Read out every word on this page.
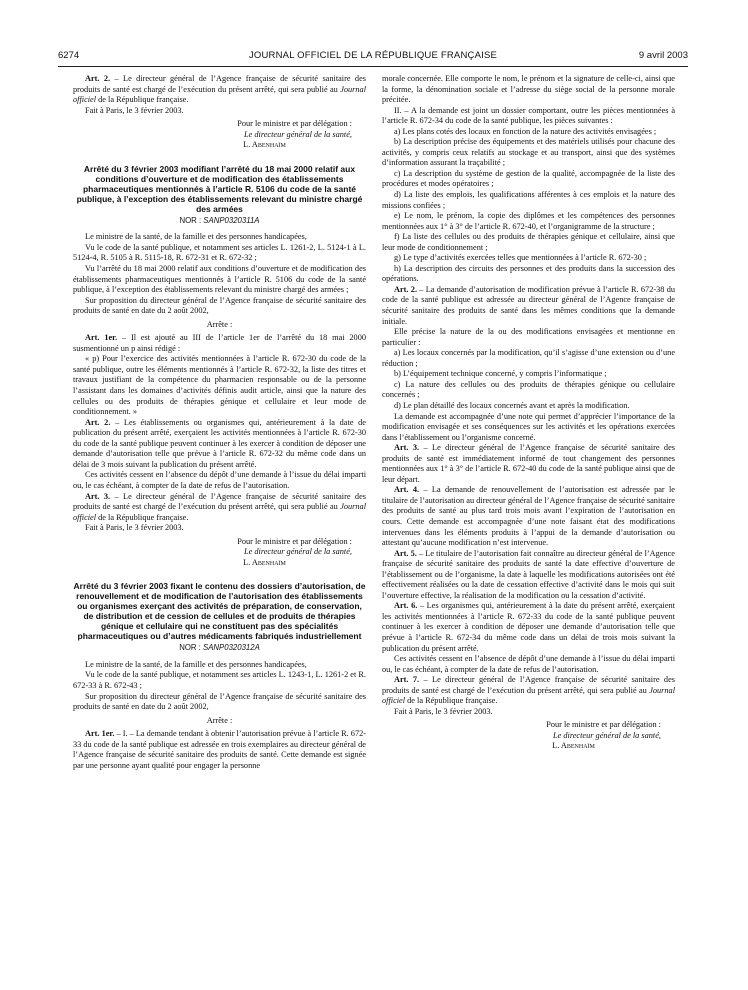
6274	JOURNAL OFFICIEL DE LA RÉPUBLIQUE FRANÇAISE	9 avril 2003

Art. 2. – Le directeur général de l’Agence française de sécurité sanitaire des produits de santé est chargé de l’exécution du présent arrêté, qui sera publié au Journal officiel de la République française.

Fait à Paris, le 3 février 2003.

Pour le ministre et par délégation :

Le directeur général de la santé,

L. Abenhaïm

Arrêté du 3 février 2003 modifiant l’arrêté du 18 mai 2000 relatif aux conditions d’ouverture et de modification des établissements pharmaceutiques mentionnés à l’article R. 5106 du code de la santé publique, à l’exception des établissements relevant du ministre chargé des armées

NOR : SANP0320311A

Le ministre de la santé, de la famille et des personnes handicapées,

Vu le code de la santé publique, et notamment ses articles L. 1261-2, L. 5124-1 à L. 5124-4, R. 5105 à R. 5115-18, R. 672-31 et R. 672-32 ;

Vu l’arrêté du 18 mai 2000 relatif aux conditions d’ouverture et de modification des établissements pharmaceutiques mentionnés à l’article R. 5106 du code de la santé publique, à l’exception des établissements relevant du ministre chargé des armées ;

Sur proposition du directeur général de l’Agence française de sécurité sanitaire des produits de santé en date du 2 août 2002,

Arrête :

Art. 1er. – Il est ajouté au III de l’article 1er de l’arrêté du 18 mai 2000 susmentionné un p ainsi rédigé :

« p) Pour l’exercice des activités mentionnées à l’article R. 672-30 du code de la santé publique, outre les éléments mentionnés à l’article R. 672-32, la liste des titres et travaux justifiant de la compétence du pharmacien responsable ou de la personne l’assistant dans les domaines d’activités définis audit article, ainsi que la nature des cellules ou des produits de thérapies génique et cellulaire et leur mode de conditionnement. »

Art. 2. – Les établissements ou organismes qui, antérieurement à la date de publication du présent arrêté, exerçaient les activités mentionnées à l’article R. 672-30 du code de la santé publique peuvent continuer à les exercer à condition de déposer une demande d’autorisation telle que prévue à l’article R. 672-32 du même code dans un délai de 3 mois suivant la publication du présent arrêté.

Ces activités cessent en l’absence du dépôt d’une demande à l’issue du délai imparti ou, le cas échéant, à compter de la date de refus de l’autorisation.

Art. 3. – Le directeur général de l’Agence française de sécurité sanitaire des produits de santé est chargé de l’exécution du présent arrêté, qui sera publié au Journal officiel de la République française.

Fait à Paris, le 3 février 2003.

Pour le ministre et par délégation :

Le directeur général de la santé,

L. Abenhaïm

Arrêté du 3 février 2003 fixant le contenu des dossiers d’autorisation, de renouvellement et de modification de l’autorisation des établissements ou organismes exerçant des activités de préparation, de conservation, de distribution et de cession de cellules et de produits de thérapies génique et cellulaire qui ne constituent pas des spécialités pharmaceutiques ou d’autres médicaments fabriqués industriellement

NOR : SANP0320312A

Le ministre de la santé, de la famille et des personnes handicapées,

Vu le code de la santé publique, et notamment ses articles L. 1243-1, L. 1261-2 et R. 672-33 à R. 672-43 ;

Sur proposition du directeur général de l’Agence française de sécurité sanitaire des produits de santé en date du 2 août 2002,

Arrête :

Art. 1er. – I. – La demande tendant à obtenir l’autorisation prévue à l’article R. 672-33 du code de la santé publique est adressée en trois exemplaires au directeur général de l’Agence française de sécurité sanitaire des produits de santé. Cette demande est signée par une personne ayant qualité pour engager la personne

morale concernée. Elle comporte le nom, le prénom et la signature de celle-ci, ainsi que la forme, la dénomination sociale et l’adresse du siège social de la personne morale précitée.

II. – A la demande est joint un dossier comportant, outre les pièces mentionnées à l’article R. 672-34 du code de la santé publique, les pièces suivantes :

a) Les plans cotés des locaux en fonction de la nature des activités envisagées ;

b) La description précise des équipements et des matériels utilisés pour chacune des activités, y compris ceux relatifs au stockage et au transport, ainsi que des systèmes d’information assurant la traçabilité ;

c) La description du système de gestion de la qualité, accompagnée de la liste des procédures et modes opératoires ;

d) La liste des emplois, les qualifications afférentes à ces emplois et la nature des missions confiées ;

e) Le nom, le prénom, la copie des diplômes et les compétences des personnes mentionnées aux 1° à 3° de l’article R. 672-40, et l’organigramme de la structure ;

f) La liste des cellules ou des produits de thérapies génique et cellulaire, ainsi que leur mode de conditionnement ;

g) Le type d’activités exercées telles que mentionnées à l’article R. 672-30 ;

h) La description des circuits des personnes et des produits dans la succession des opérations.

Art. 2. – La demande d’autorisation de modification prévue à l’article R. 672-38 du code de la santé publique est adressée au directeur général de l’Agence française de sécurité sanitaire des produits de santé dans les mêmes conditions que la demande initiale.

Elle précise la nature de la ou des modifications envisagées et mentionne en particulier :

a) Les locaux concernés par la modification, qu’il s’agisse d’une extension ou d’une réduction ;

b) L’équipement technique concerné, y compris l’informatique ;

c) La nature des cellules ou des produits de thérapies génique ou cellulaire concernés ;

d) Le plan détaillé des locaux concernés avant et après la modification.

La demande est accompagnée d’une note qui permet d’apprécier l’importance de la modification envisagée et ses conséquences sur les activités et les opérations exercées dans l’établissement ou l’organisme concerné.

Art. 3. – Le directeur général de l’Agence française de sécurité sanitaire des produits de santé est immédiatement informé de tout changement des personnes mentionnées aux 1° à 3° de l’article R. 672-40 du code de la santé publique ainsi que de leur départ.

Art. 4. – La demande de renouvellement de l’autorisation est adressée par le titulaire de l’autorisation au directeur général de l’Agence française de sécurité sanitaire des produits de santé au plus tard trois mois avant l’expiration de l’autorisation en cours. Cette demande est accompagnée d’une note faisant état des modifications intervenues dans les éléments produits à l’appui de la demande d’autorisation ou attestant qu’aucune modification n’est intervenue.

Art. 5. – Le titulaire de l’autorisation fait connaître au directeur général de l’Agence française de sécurité sanitaire des produits de santé la date effective d’ouverture de l’établissement ou de l’organisme, la date à laquelle les modifications autorisées ont été effectivement réalisées ou la date de cessation effective d’activité dans le mois qui suit l’ouverture effective, la réalisation de la modification ou la cessation d’activité.

Art. 6. – Les organismes qui, antérieurement à la date du présent arrêté, exerçaient les activités mentionnées à l’article R. 672-33 du code de la santé publique peuvent continuer à les exercer à condition de déposer une demande d’autorisation telle que prévue à l’article R. 672-34 du même code dans un délai de trois mois suivant la publication du présent arrêté.

Ces activités cessent en l’absence de dépôt d’une demande à l’issue du délai imparti ou, le cas échéant, à compter de la date de refus de l’autorisation.

Art. 7. – Le directeur général de l’Agence française de sécurité sanitaire des produits de santé est chargé de l’exécution du présent arrêté, qui sera publié au Journal officiel de la République française.

Fait à Paris, le 3 février 2003.

Pour le ministre et par délégation :

Le directeur général de la santé,

L. Abenhaïm
